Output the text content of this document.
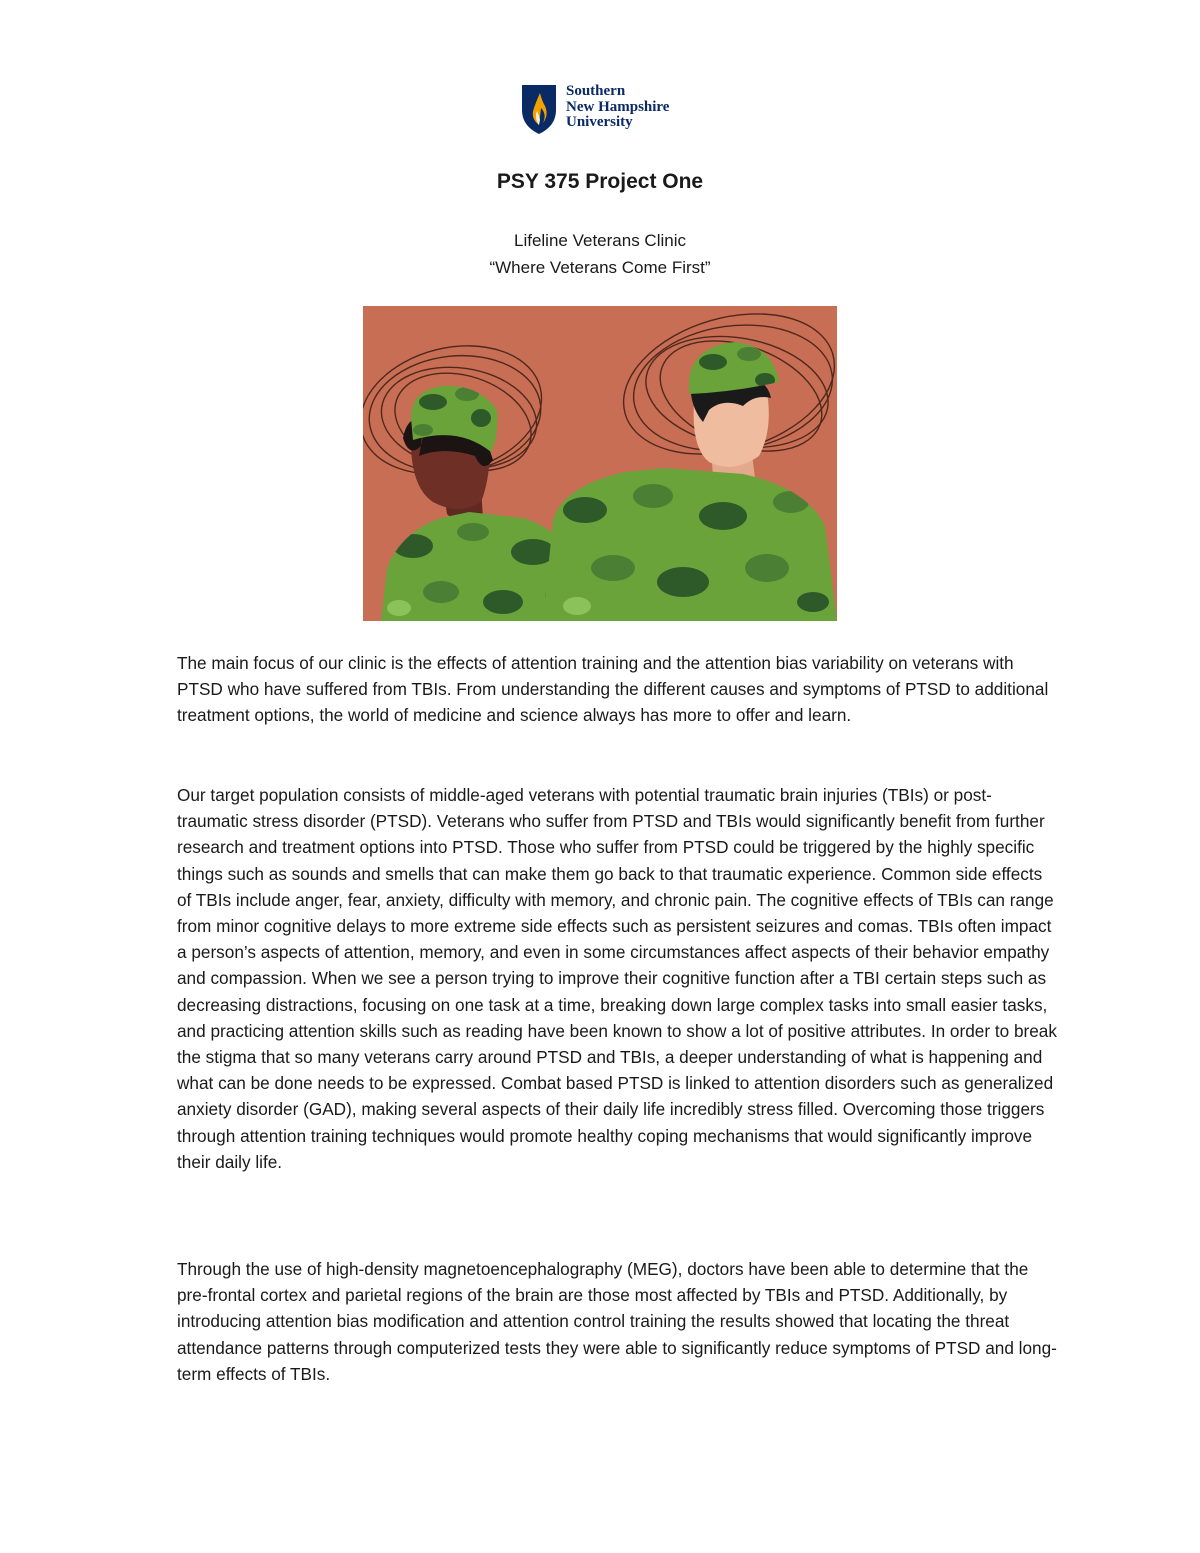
Southern
New Hampshire
University
PSY 375 Project One
Lifeline Veterans Clinic
“Where Veterans Come First”

The main focus of our clinic is the effects of attention training and the attention bias variability on veterans with PTSD who have suffered from TBIs. From understanding the different causes and symptoms of PTSD to additional treatment options, the world of medicine and science always has more to offer and learn.

Our target population consists of middle-aged veterans with potential traumatic brain injuries (TBIs) or post-traumatic stress disorder (PTSD). Veterans who suffer from PTSD and TBIs would significantly benefit from further research and treatment options into PTSD. Those who suffer from PTSD could be triggered by the highly specific things such as sounds and smells that can make them go back to that traumatic experience. Common side effects of TBIs include anger, fear, anxiety, difficulty with memory, and chronic pain. The cognitive effects of TBIs can range from minor cognitive delays to more extreme side effects such as persistent seizures and comas. TBIs often impact a person’s aspects of attention, memory, and even in some circumstances affect aspects of their behavior empathy and compassion. When we see a person trying to improve their cognitive function after a TBI certain steps such as decreasing distractions, focusing on one task at a time, breaking down large complex tasks into small easier tasks, and practicing attention skills such as reading have been known to show a lot of positive attributes. In order to break the stigma that so many veterans carry around PTSD and TBIs, a deeper understanding of what is happening and what can be done needs to be expressed. Combat based PTSD is linked to attention disorders such as generalized anxiety disorder (GAD), making several aspects of their daily life incredibly stress filled. Overcoming those triggers through attention training techniques would promote healthy coping mechanisms that would significantly improve their daily life.

Through the use of high-density magnetoencephalography (MEG), doctors have been able to determine that the pre-frontal cortex and parietal regions of the brain are those most affected by TBIs and PTSD. Additionally, by introducing attention bias modification and attention control training the results showed that locating the threat attendance patterns through computerized tests they were able to significantly reduce symptoms of PTSD and long-term effects of TBIs.
